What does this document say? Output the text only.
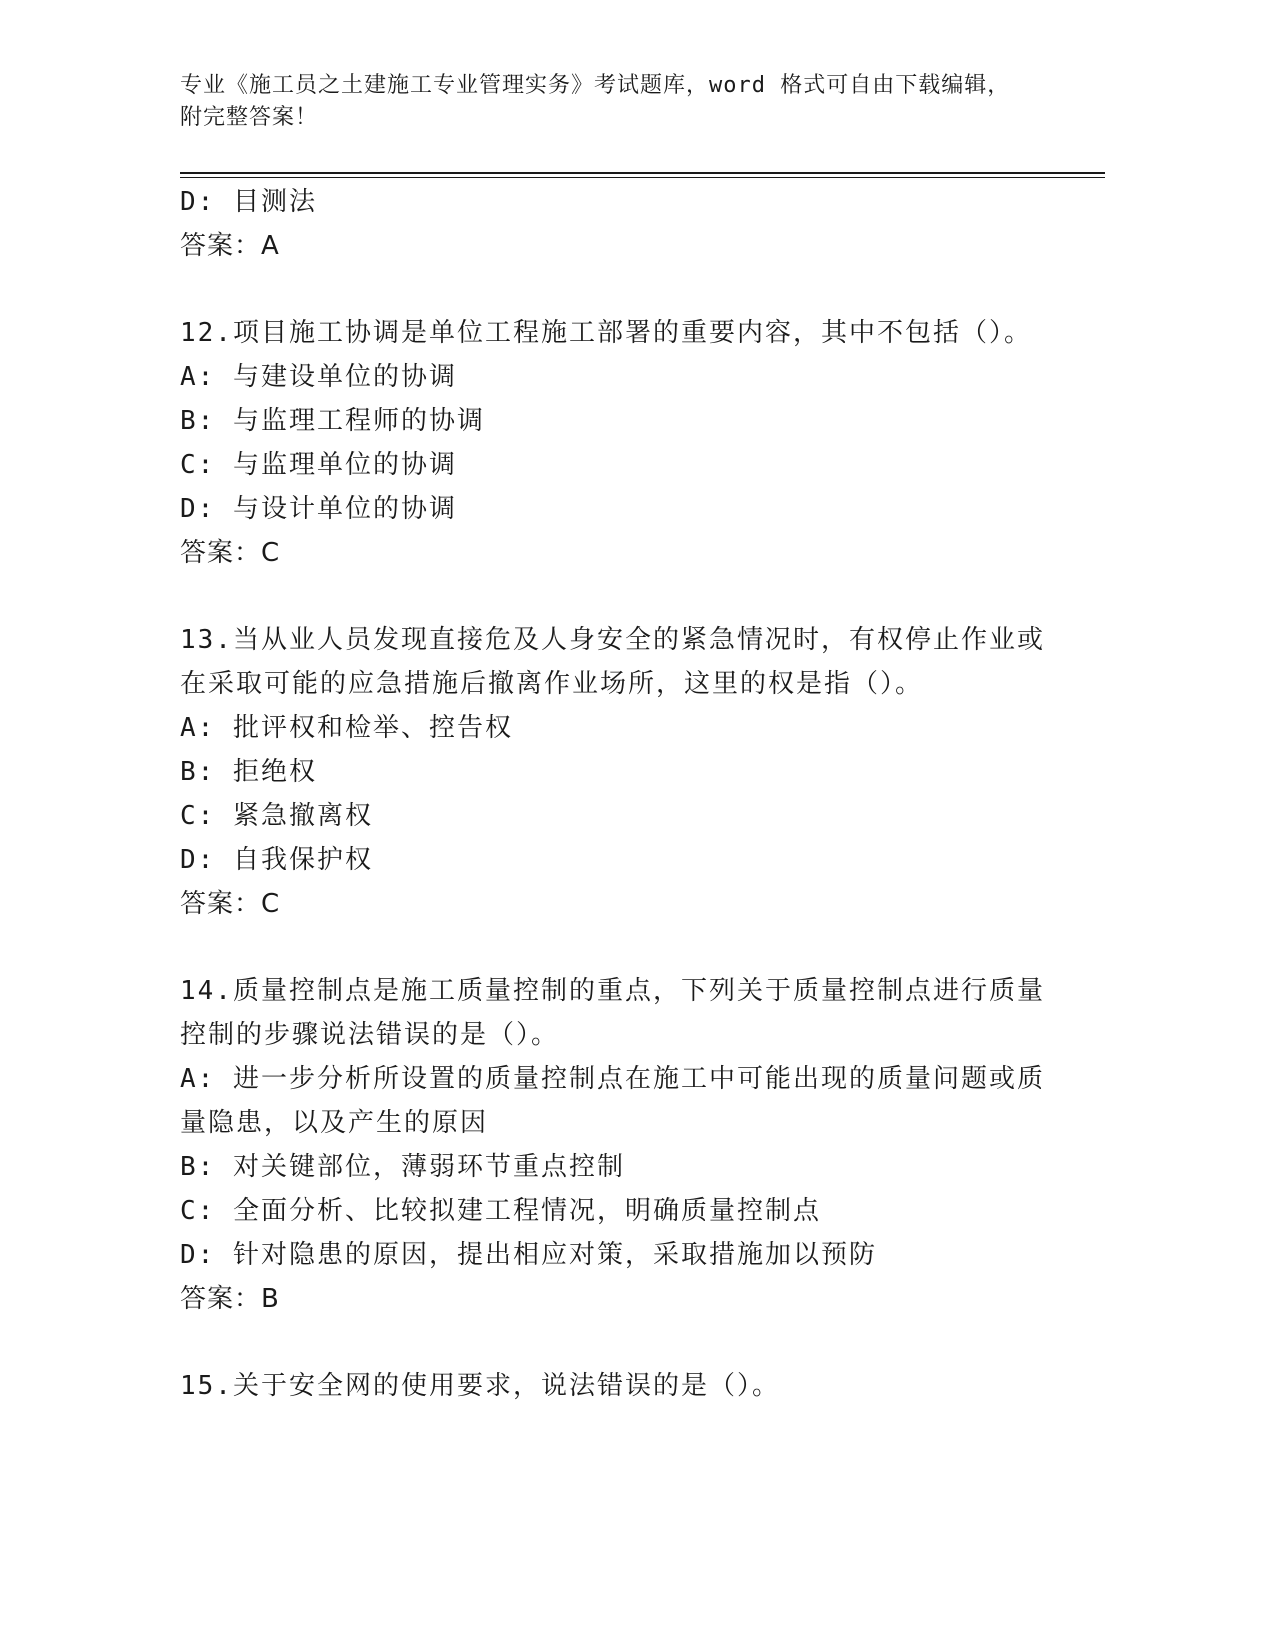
专业《施工员之土建施工专业管理实务》考试题库，word 格式可自由下载编辑，
附完整答案！
D: 目测法
答案：A
12.项目施工协调是单位工程施工部署的重要内容，其中不包括（）。
A: 与建设单位的协调
B: 与监理工程师的协调
C: 与监理单位的协调
D: 与设计单位的协调
答案：C
13.当从业人员发现直接危及人身安全的紧急情况时，有权停止作业或
在采取可能的应急措施后撤离作业场所，这里的权是指（）。
A: 批评权和检举、控告权
B: 拒绝权
C: 紧急撤离权
D: 自我保护权
答案：C
14.质量控制点是施工质量控制的重点，下列关于质量控制点进行质量
控制的步骤说法错误的是（）。
A: 进一步分析所设置的质量控制点在施工中可能出现的质量问题或质
量隐患，以及产生的原因
B: 对关键部位，薄弱环节重点控制
C: 全面分析、比较拟建工程情况，明确质量控制点
D: 针对隐患的原因，提出相应对策，采取措施加以预防
答案：B
15.关于安全网的使用要求，说法错误的是（）。
